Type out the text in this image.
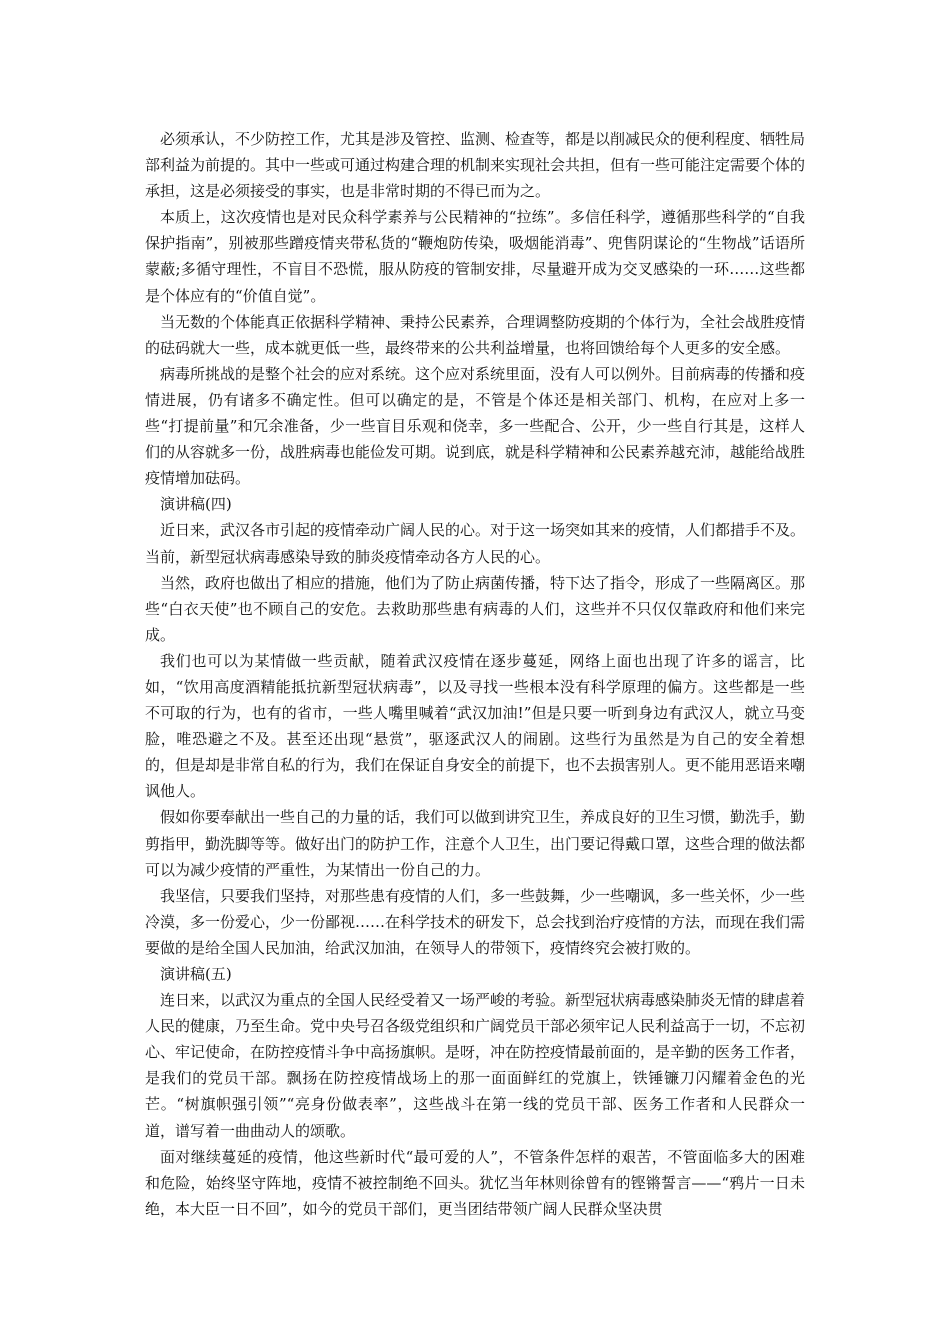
必须承认，不少防控工作，尤其是涉及管控、监测、检查等，都是以削减民众的便利程度、牺牲局部利益为前提的。其中一些或可通过构建合理的机制来实现社会共担，但有一些可能注定需要个体的承担，这是必须接受的事实，也是非常时期的不得已而为之。

本质上，这次疫情也是对民众科学素养与公民精神的“拉练”。多信任科学，遵循那些科学的“自我保护指南”，别被那些蹭疫情夹带私货的“鞭炮防传染，吸烟能消毒”、兜售阴谋论的“生物战”话语所蒙蔽;多循守理性，不盲目不恐慌，服从防疫的管制安排，尽量避开成为交叉感染的一环……这些都是个体应有的“价值自觉”。

当无数的个体能真正依据科学精神、秉持公民素养，合理调整防疫期的个体行为，全社会战胜疫情的砝码就大一些，成本就更低一些，最终带来的公共利益增量，也将回馈给每个人更多的安全感。

病毒所挑战的是整个社会的应对系统。这个应对系统里面，没有人可以例外。目前病毒的传播和疫情进展，仍有诸多不确定性。但可以确定的是，不管是个体还是相关部门、机构，在应对上多一些“打提前量”和冗余准备，少一些盲目乐观和侥幸，多一些配合、公开，少一些自行其是，这样人们的从容就多一份，战胜病毒也能俭发可期。说到底，就是科学精神和公民素养越充沛，越能给战胜疫情增加砝码。

演讲稿(四)

近日来，武汉各市引起的疫情牵动广阔人民的心。对于这一场突如其来的疫情，人们都措手不及。当前，新型冠状病毒感染导致的肺炎疫情牵动各方人民的心。

当然，政府也做出了相应的措施，他们为了防止病菌传播，特下达了指令，形成了一些隔离区。那些“白衣天使”也不顾自己的安危。去救助那些患有病毒的人们，这些并不只仅仅靠政府和他们来完成。

我们也可以为某情做一些贡献，随着武汉疫情在逐步蔓延，网络上面也出现了许多的谣言，比如，“饮用高度酒精能抵抗新型冠状病毒”，以及寻找一些根本没有科学原理的偏方。这些都是一些不可取的行为，也有的省市，一些人嘴里喊着“武汉加油!”但是只要一听到身边有武汉人，就立马变脸，唯恐避之不及。甚至还出现“悬赏”，驱逐武汉人的闹剧。这些行为虽然是为自己的安全着想的，但是却是非常自私的行为，我们在保证自身安全的前提下，也不去损害别人。更不能用恶语来嘲讽他人。

假如你要奉献出一些自己的力量的话，我们可以做到讲究卫生，养成良好的卫生习惯，勤洗手，勤剪指甲，勤洗脚等等。做好出门的防护工作，注意个人卫生，出门要记得戴口罩，这些合理的做法都可以为减少疫情的严重性，为某情出一份自己的力。

我坚信，只要我们坚持，对那些患有疫情的人们，多一些鼓舞，少一些嘲讽，多一些关怀，少一些冷漠，多一份爱心，少一份鄙视……在科学技术的研发下，总会找到治疗疫情的方法，而现在我们需要做的是给全国人民加油，给武汉加油，在领导人的带领下，疫情终究会被打败的。

演讲稿(五)

连日来，以武汉为重点的全国人民经受着又一场严峻的考验。新型冠状病毒感染肺炎无情的肆虐着人民的健康，乃至生命。党中央号召各级党组织和广阔党员干部必须牢记人民利益高于一切，不忘初心、牢记使命，在防控疫情斗争中高扬旗帜。是呀，冲在防控疫情最前面的，是辛勤的医务工作者，是我们的党员干部。飘扬在防控疫情战场上的那一面面鲜红的党旗上，铁锤镰刀闪耀着金色的光芒。“树旗帜强引领”“亮身份做表率”，这些战斗在第一线的党员干部、医务工作者和人民群众一道，谱写着一曲曲动人的颂歌。

面对继续蔓延的疫情，他这些新时代“最可爱的人”，不管条件怎样的艰苦，不管面临多大的困难和危险，始终坚守阵地，疫情不被控制绝不回头。犹忆当年林则徐曾有的铿锵誓言——“鸦片一日未绝，本大臣一日不回”，如今的党员干部们，更当团结带领广阔人民群众坚决贯
